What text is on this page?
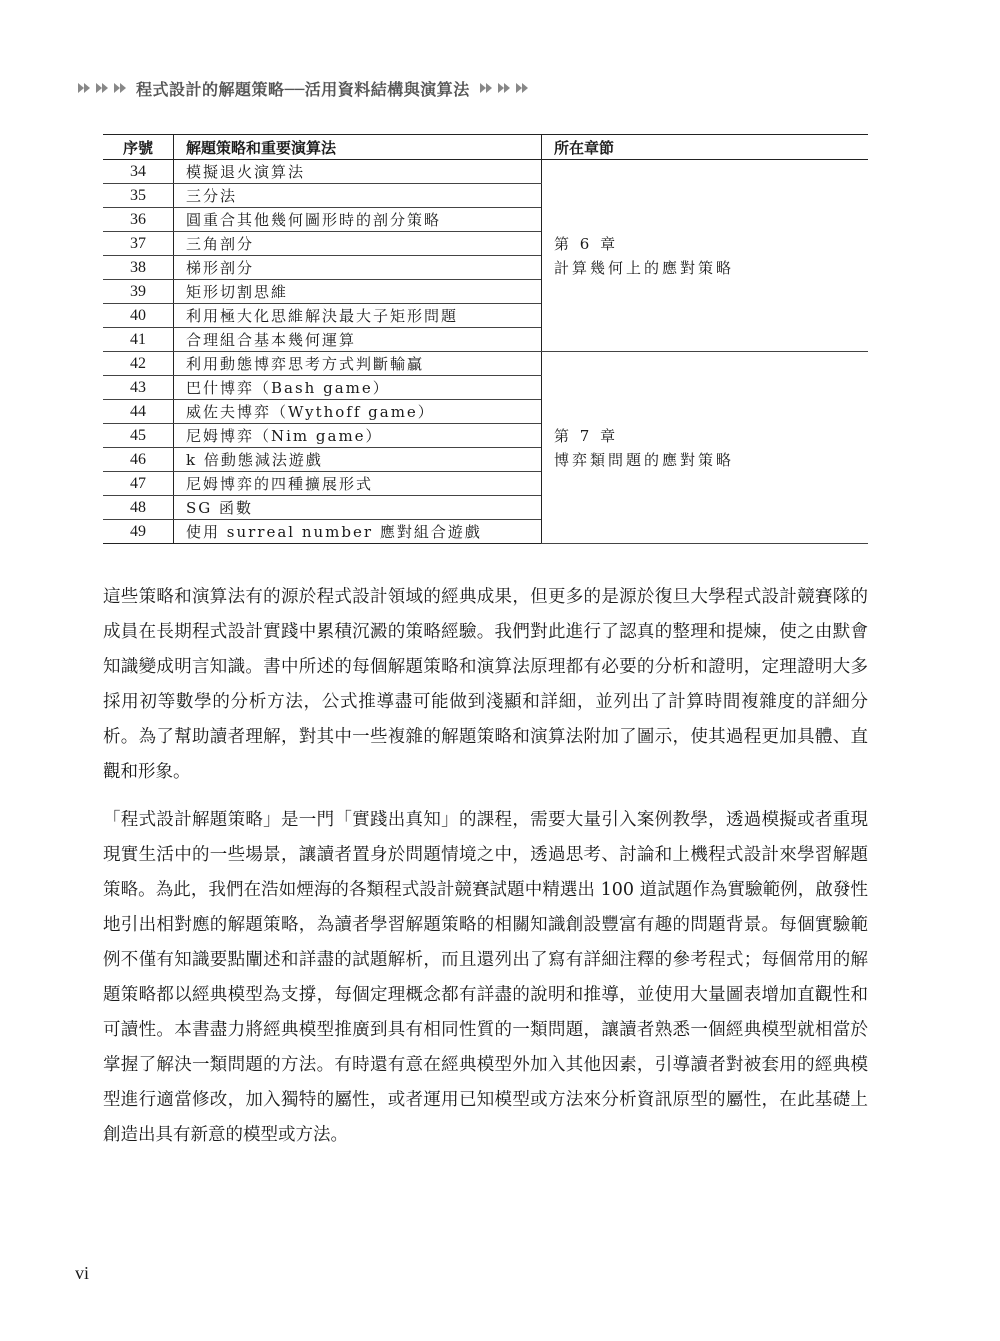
程式設計的解題策略──活用資料結構與演算法
序號	解題策略和重要演算法	所在章節
34	模擬退火演算法	第 6 章
計算幾何上的應對策略

35	三分法	
36	圓重合其他幾何圖形時的剖分策略	
37	三角剖分	
38	梯形剖分	
39	矩形切割思維	
40	利用極大化思維解決最大子矩形問題	
41	合理組合基本幾何運算	
42	利用動態博弈思考方式判斷輸贏	第 7 章
博弈類問題的應對策略

43	巴什博弈（Bash game）	
44	威佐夫博弈（Wythoff game）	
45	尼姆博弈（Nim game）	
46	k 倍動態減法遊戲	
47	尼姆博弈的四種擴展形式	
48	SG 函數	
49	使用 surreal number 應對組合遊戲	

這些策略和演算法有的源於程式設計領域的經典成果，但更多的是源於復旦大學程式設計競賽隊的成員在長期程式設計實踐中累積沉澱的策略經驗。我們對此進行了認真的整理和提煉，使之由默會知識變成明言知識。書中所述的每個解題策略和演算法原理都有必要的分析和證明，定理證明大多採用初等數學的分析方法，公式推導盡可能做到淺顯和詳細，並列出了計算時間複雜度的詳細分析。為了幫助讀者理解，對其中一些複雜的解題策略和演算法附加了圖示，使其過程更加具體、直觀和形象。

「程式設計解題策略」是一門「實踐出真知」的課程，需要大量引入案例教學，透過模擬或者重現現實生活中的一些場景，讓讀者置身於問題情境之中，透過思考、討論和上機程式設計來學習解題策略。為此，我們在浩如煙海的各類程式設計競賽試題中精選出 100 道試題作為實驗範例，啟發性地引出相對應的解題策略，為讀者學習解題策略的相關知識創設豐富有趣的問題背景。每個實驗範例不僅有知識要點闡述和詳盡的試題解析，而且還列出了寫有詳細注釋的參考程式；每個常用的解題策略都以經典模型為支撐，每個定理概念都有詳盡的說明和推導，並使用大量圖表增加直觀性和可讀性。本書盡力將經典模型推廣到具有相同性質的一類問題，讓讀者熟悉一個經典模型就相當於掌握了解決一類問題的方法。有時還有意在經典模型外加入其他因素，引導讀者對被套用的經典模型進行適當修改，加入獨特的屬性，或者運用已知模型或方法來分析資訊原型的屬性，在此基礎上創造出具有新意的模型或方法。

vi
